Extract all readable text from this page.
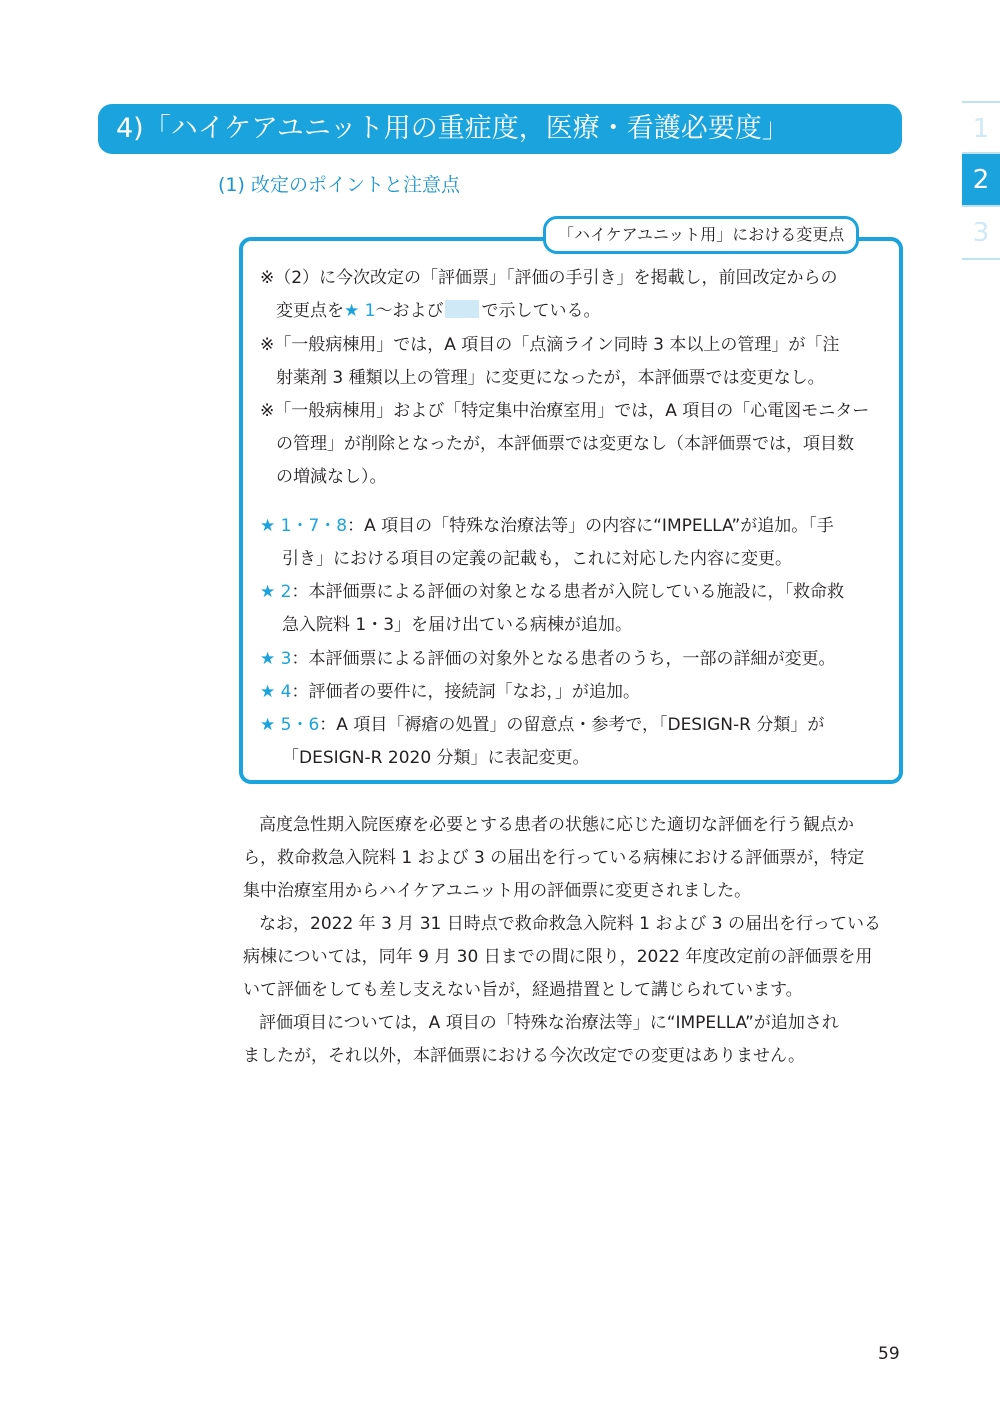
4)「ハイケアユニット用の重症度，医療・看護必要度」	1
2
3
(1) 改定のポイントと注意点
「ハイケアユニット用」における変更点
※（2）に今次改定の「評価票」「評価の手引き」を掲載し，前回改定からの
変更点を★ 1～および で示している。
※「一般病棟用」では，A 項目の「点滴ライン同時 3 本以上の管理」が「注
射薬剤 3 種類以上の管理」に変更になったが，本評価票では変更なし。
※「一般病棟用」および「特定集中治療室用」では，A 項目の「心電図モニター
の管理」が削除となったが，本評価票では変更なし（本評価票では，項目数
の増減なし）。
★ 1・7・8：A 項目の「特殊な治療法等」の内容に“IMPELLA”が追加。「手
引き」における項目の定義の記載も，これに対応した内容に変更。
★ 2：本評価票による評価の対象となる患者が入院している施設に，「救命救
急入院料 1・3」を届け出ている病棟が追加。
★ 3：本評価票による評価の対象外となる患者のうち，一部の詳細が変更。
★ 4：評価者の要件に，接続詞「なお，」が追加。
★ 5・6：A 項目「褥瘡の処置」の留意点・参考で，「DESIGN-R 分類」が
「DESIGN-R 2020 分類」に表記変更。
高度急性期入院医療を必要とする患者の状態に応じた適切な評価を行う観点か
ら，救命救急入院料 1 および 3 の届出を行っている病棟における評価票が，特定
集中治療室用からハイケアユニット用の評価票に変更されました。
なお，2022 年 3 月 31 日時点で救命救急入院料 1 および 3 の届出を行っている
病棟については，同年 9 月 30 日までの間に限り，2022 年度改定前の評価票を用
いて評価をしても差し支えない旨が，経過措置として講じられています。
評価項目については，A 項目の「特殊な治療法等」に“IMPELLA”が追加され
ましたが，それ以外，本評価票における今次改定での変更はありません。
59
